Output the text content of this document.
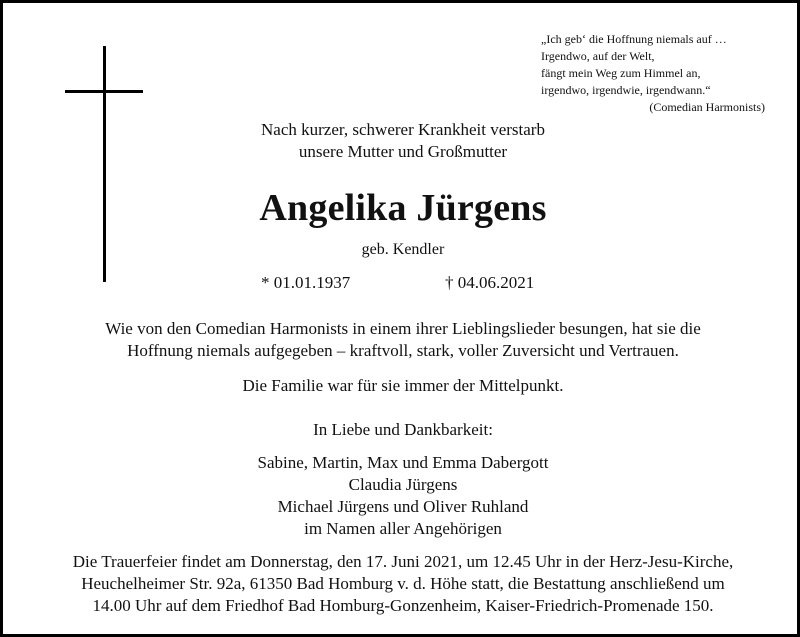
„Ich geb‘ die Hoffnung niemals auf …
Irgendwo, auf der Welt,
fängt mein Weg zum Himmel an,
irgendwo, irgendwie, irgendwann.“
(Comedian Harmonists)
Nach kurzer, schwerer Krankheit verstarb
unsere Mutter und Großmutter
Angelika Jürgens
geb. Kendler
* 01.01.1937	† 04.06.2021
Wie von den Comedian Harmonists in einem ihrer Lieblingslieder besungen, hat sie die
Hoffnung niemals aufgegeben – kraftvoll, stark, voller Zuversicht und Vertrauen.
Die Familie war für sie immer der Mittelpunkt.
In Liebe und Dankbarkeit:
Sabine, Martin, Max und Emma Dabergott
Claudia Jürgens
Michael Jürgens und Oliver Ruhland
im Namen aller Angehörigen
Die Trauerfeier findet am Donnerstag, den 17. Juni 2021, um 12.45 Uhr in der Herz-Jesu-Kirche,
Heuchelheimer Str. 92a, 61350 Bad Homburg v. d. Höhe statt, die Bestattung anschließend um
14.00 Uhr auf dem Friedhof Bad Homburg-Gonzenheim, Kaiser-Friedrich-Promenade 150.
